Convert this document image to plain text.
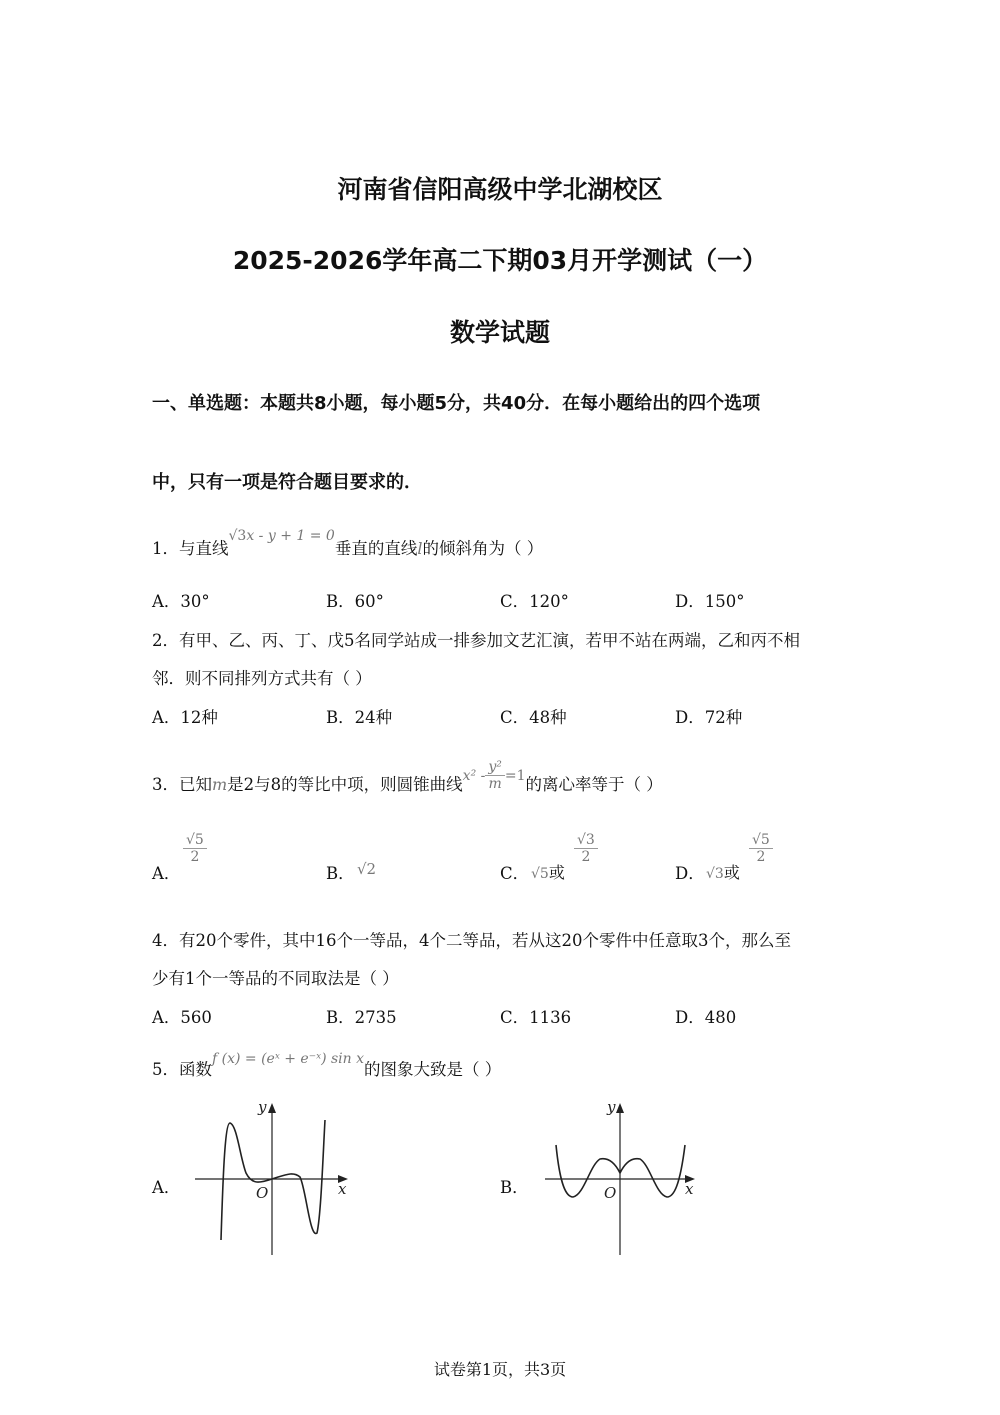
河南省信阳高级中学北湖校区
2025-2026学年高二下期03月开学测试（一）
数学试题
一、单选题：本题共8小题，每小题5分，共40分．在每小题给出的四个选项
中，只有一项是符合题目要求的．
1．与直线√3x - y + 1 = 0垂直的直线l的倾斜角为（ ）
A．30°	B．60°	C．120°	D．150°
2．有甲、乙、丙、丁、戊5名同学站成一排参加文艺汇演，若甲不站在两端，乙和丙不相
邻．则不同排列方式共有（ ）
A．12种	B．24种	C．48种	D．72种
3．已知m是2与8的等比中项，则圆锥曲线$x^2 - \frac{\text{y²}}{m} =1$的离心率等于（ ）
A．
$\frac{√5}{2}$
B． √2	C． √5或
$\frac{√3}{2}$
D． √3或
$\frac{√5}{2}$
4．有20个零件，其中16个一等品，4个二等品，若从这20个零件中任意取3个，那么至
少有1个一等品的不同取法是（ ）
A．560	B．2735	C．1136	D．480
5．函数$^{f (x) = (eˣ + e^-ˣ) sin x}$的图象大致是（ ）
A．
y
x
O	B．
y
x
O
试卷第1页，共3页
